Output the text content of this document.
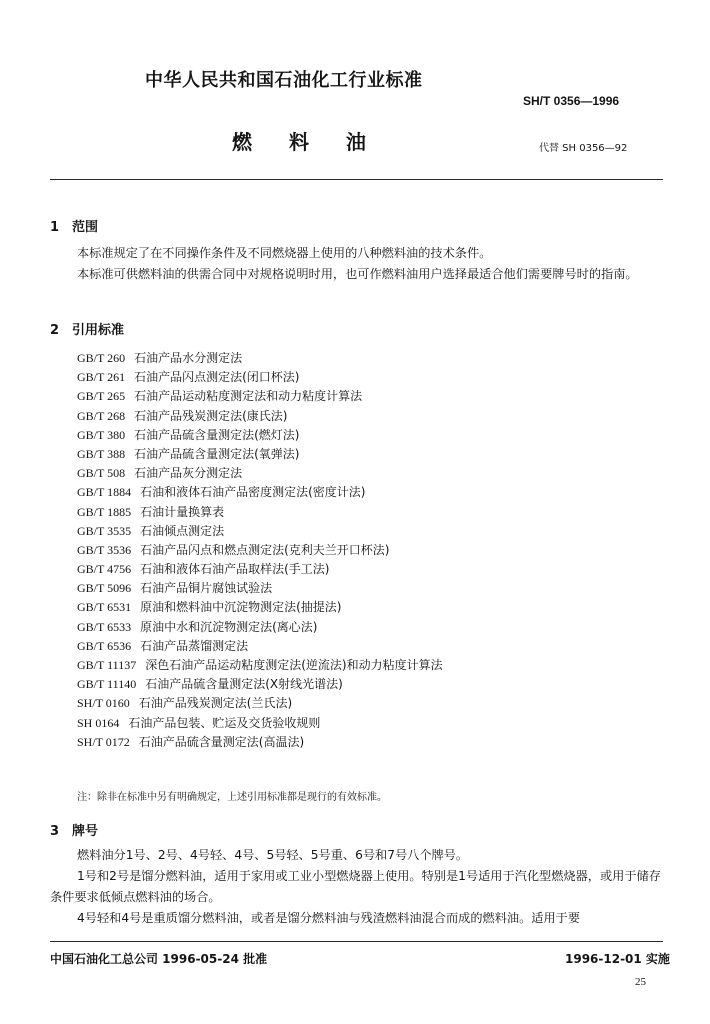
中华人民共和国石油化工行业标准
SH/T 0356—1996
燃 料 油	代替 SH 0356—92
1 范围
本标准规定了在不同操作条件及不同燃烧器上使用的八种燃料油的技术条件。
本标准可供燃料油的供需合同中对规格说明时用，也可作燃料油用户选择最适合他们需要牌号时的指南。
2 引用标准
GB/T 260 石油产品水分测定法
GB/T 261 石油产品闪点测定法(闭口杯法)
GB/T 265 石油产品运动粘度测定法和动力粘度计算法
GB/T 268 石油产品残炭测定法(康氏法)
GB/T 380 石油产品硫含量测定法(燃灯法)
GB/T 388 石油产品硫含量测定法(氧弹法)
GB/T 508 石油产品灰分测定法
GB/T 1884 石油和液体石油产品密度测定法(密度计法)
GB/T 1885 石油计量换算表
GB/T 3535 石油倾点测定法
GB/T 3536 石油产品闪点和燃点测定法(克利夫兰开口杯法)
GB/T 4756 石油和液体石油产品取样法(手工法)
GB/T 5096 石油产品铜片腐蚀试验法
GB/T 6531 原油和燃料油中沉淀物测定法(抽提法)
GB/T 6533 原油中水和沉淀物测定法(离心法)
GB/T 6536 石油产品蒸馏测定法
GB/T 11137 深色石油产品运动粘度测定法(逆流法)和动力粘度计算法
GB/T 11140 石油产品硫含量测定法(X射线光谱法)
SH/T 0160 石油产品残炭测定法(兰氏法)
SH 0164 石油产品包装、贮运及交货验收规则
SH/T 0172 石油产品硫含量测定法(高温法)
注：除非在标准中另有明确规定，上述引用标准都是现行的有效标准。
3 牌号
燃料油分1号、2号、4号轻、4号、5号轻、5号重、6号和7号八个牌号。
1号和2号是馏分燃料油，适用于家用或工业小型燃烧器上使用。特别是1号适用于汽化型燃烧器，或用于储存条件要求低倾点燃料油的场合。
4号轻和4号是重质馏分燃料油，或者是馏分燃料油与残渣燃料油混合而成的燃料油。适用于要
中国石油化工总公司 1996-05-24 批准	1996-12-01 实施
25
